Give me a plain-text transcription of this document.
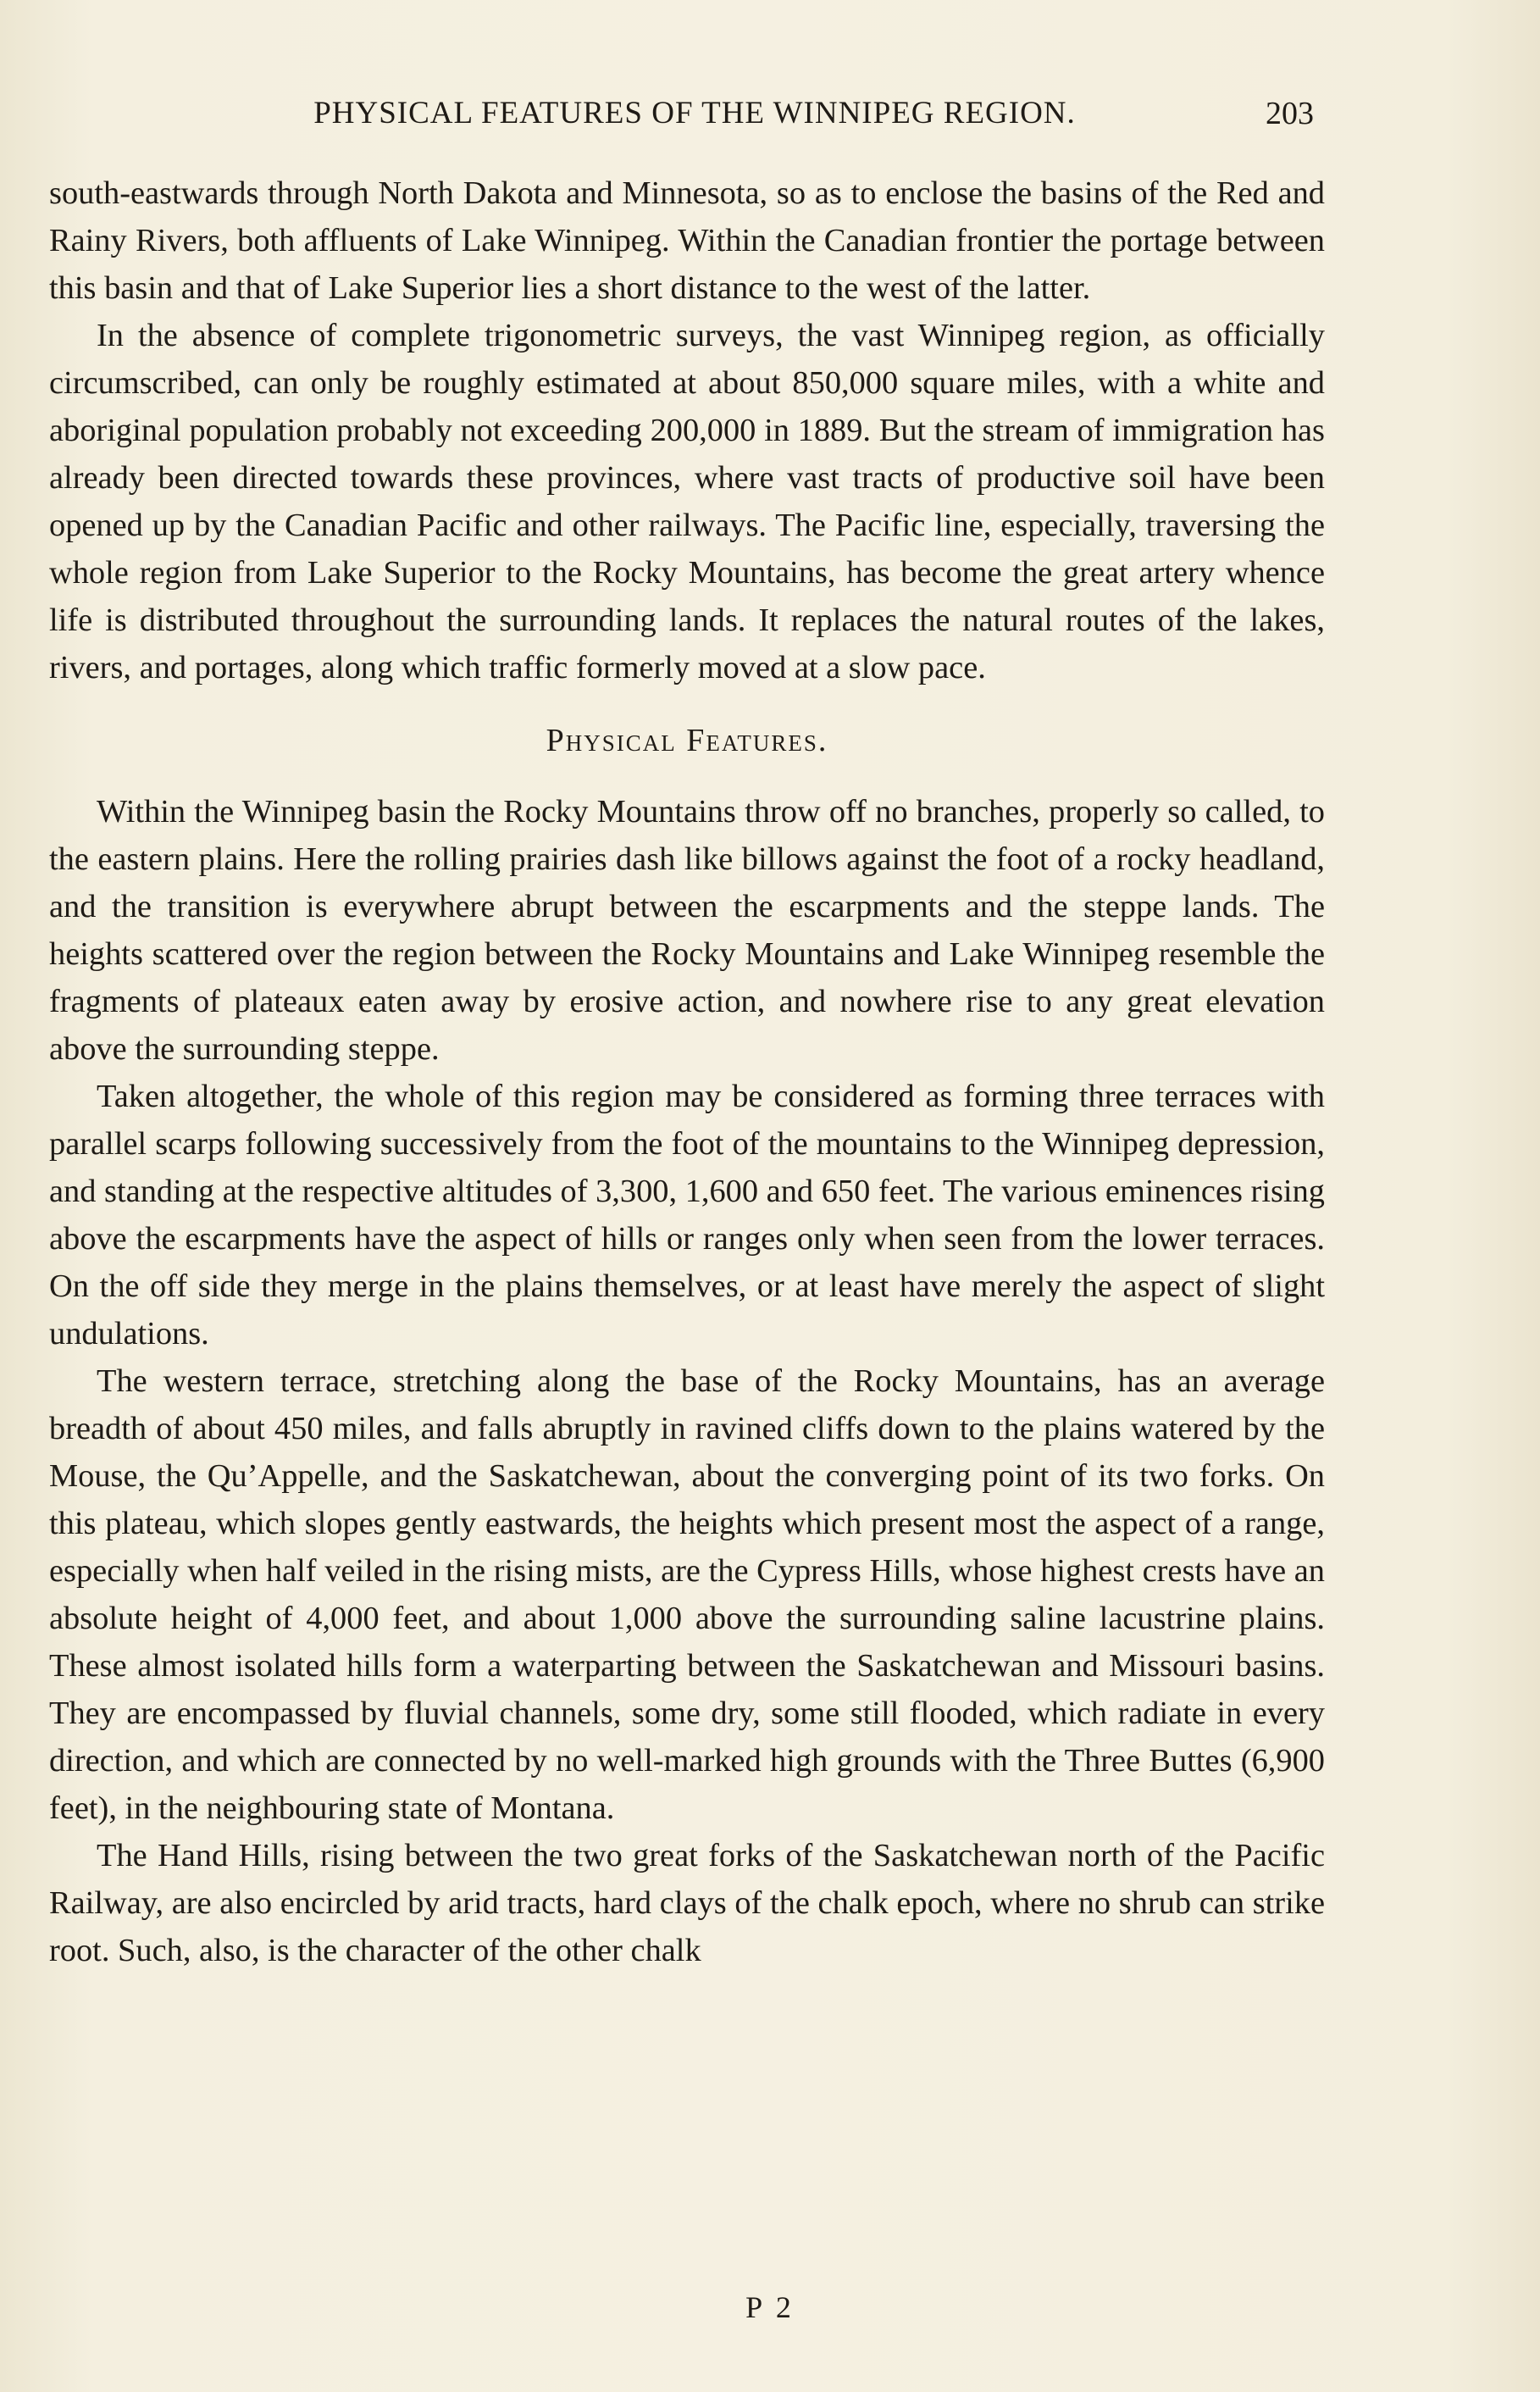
PHYSICAL FEATURES OF THE WINNIPEG REGION.	203

south-eastwards through North Dakota and Minnesota, so as to enclose the basins of the Red and Rainy Rivers, both affluents of Lake Winnipeg. Within the Canadian frontier the portage between this basin and that of Lake Superior lies a short distance to the west of the latter.

In the absence of complete trigonometric surveys, the vast Winnipeg region, as officially circumscribed, can only be roughly estimated at about 850,000 square miles, with a white and aboriginal population probably not exceeding 200,000 in 1889. But the stream of immigration has already been directed towards these provinces, where vast tracts of productive soil have been opened up by the Canadian Pacific and other railways. The Pacific line, especially, traversing the whole region from Lake Superior to the Rocky Mountains, has become the great artery whence life is distributed throughout the surrounding lands. It replaces the natural routes of the lakes, rivers, and portages, along which traffic formerly moved at a slow pace.

Physical Features.

Within the Winnipeg basin the Rocky Mountains throw off no branches, properly so called, to the eastern plains. Here the rolling prairies dash like billows against the foot of a rocky headland, and the transition is everywhere abrupt between the escarpments and the steppe lands. The heights scattered over the region between the Rocky Mountains and Lake Winnipeg resemble the fragments of plateaux eaten away by erosive action, and nowhere rise to any great elevation above the surrounding steppe.

Taken altogether, the whole of this region may be considered as forming three terraces with parallel scarps following successively from the foot of the mountains to the Winnipeg depression, and standing at the respective altitudes of 3,300, 1,600 and 650 feet. The various eminences rising above the escarpments have the aspect of hills or ranges only when seen from the lower terraces. On the off side they merge in the plains themselves, or at least have merely the aspect of slight undulations.

The western terrace, stretching along the base of the Rocky Mountains, has an average breadth of about 450 miles, and falls abruptly in ravined cliffs down to the plains watered by the Mouse, the Qu’Appelle, and the Saskatchewan, about the converging point of its two forks. On this plateau, which slopes gently eastwards, the heights which present most the aspect of a range, especially when half veiled in the rising mists, are the Cypress Hills, whose highest crests have an absolute height of 4,000 feet, and about 1,000 above the surrounding saline lacustrine plains. These almost isolated hills form a waterparting between the Saskatchewan and Missouri basins. They are encompassed by fluvial channels, some dry, some still flooded, which radiate in every direction, and which are connected by no well-marked high grounds with the Three Buttes (6,900 feet), in the neighbouring state of Montana.

The Hand Hills, rising between the two great forks of the Saskatchewan north of the Pacific Railway, are also encircled by arid tracts, hard clays of the chalk epoch, where no shrub can strike root. Such, also, is the character of the other chalk

P 2
